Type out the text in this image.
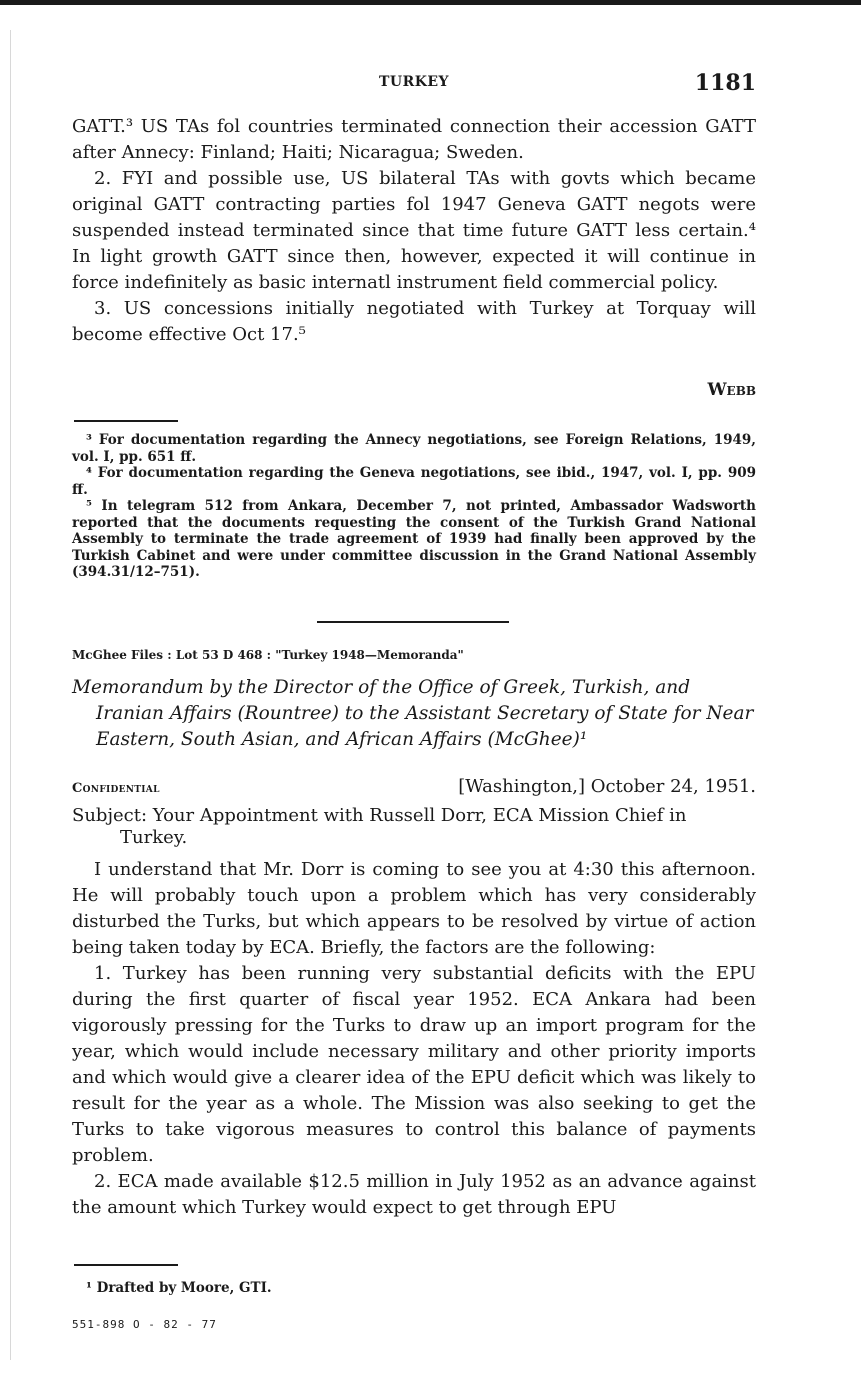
TURKEY	1181

GATT.³ US TAs fol countries terminated connection their accession GATT after Annecy: Finland; Haiti; Nicaragua; Sweden.

2. FYI and possible use, US bilateral TAs with govts which became original GATT contracting parties fol 1947 Geneva GATT negots were suspended instead terminated since that time future GATT less certain.⁴ In light growth GATT since then, however, expected it will continue in force indefinitely as basic internatl instrument field commercial policy.

3. US concessions initially negotiated with Turkey at Torquay will become effective Oct 17.⁵

Webb

³ For documentation regarding the Annecy negotiations, see Foreign Relations, 1949, vol. I, pp. 651 ff.

⁴ For documentation regarding the Geneva negotiations, see ibid., 1947, vol. I, pp. 909 ff.

⁵ In telegram 512 from Ankara, December 7, not printed, Ambassador Wadsworth reported that the documents requesting the consent of the Turkish Grand National Assembly to terminate the trade agreement of 1939 had finally been approved by the Turkish Cabinet and were under committee discussion in the Grand National Assembly (394.31/12–751).

McGhee Files : Lot 53 D 468 : "Turkey 1948—Memoranda"

Memorandum by the Director of the Office of Greek, Turkish, and Iranian Affairs (Rountree) to the Assistant Secretary of State for Near Eastern, South Asian, and African Affairs (McGhee)¹

Confidential	[Washington,] October 24, 1951.

Subject: Your Appointment with Russell Dorr, ECA Mission Chief in Turkey.

I understand that Mr. Dorr is coming to see you at 4:30 this afternoon. He will probably touch upon a problem which has very considerably disturbed the Turks, but which appears to be resolved by virtue of action being taken today by ECA. Briefly, the factors are the following:

1. Turkey has been running very substantial deficits with the EPU during the first quarter of fiscal year 1952. ECA Ankara had been vigorously pressing for the Turks to draw up an import program for the year, which would include necessary military and other priority imports and which would give a clearer idea of the EPU deficit which was likely to result for the year as a whole. The Mission was also seeking to get the Turks to take vigorous measures to control this balance of payments problem.

2. ECA made available $12.5 million in July 1952 as an advance against the amount which Turkey would expect to get through EPU

¹ Drafted by Moore, GTI.

551-898 O - 82 - 77
